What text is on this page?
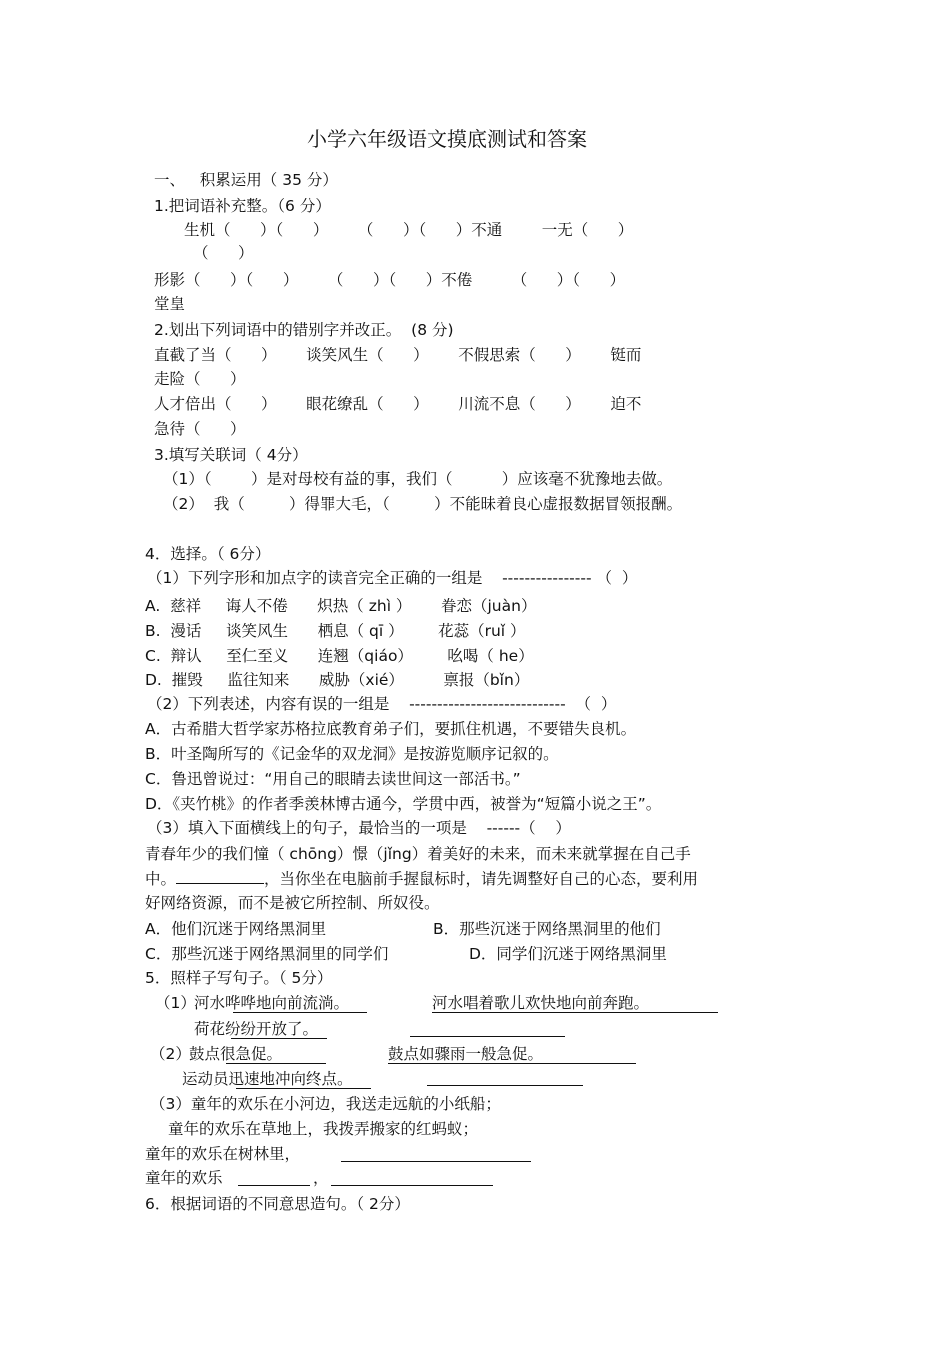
小学六年级语文摸底测试和答案
一、   积累运用（ 35 分）
1.把词语补充整。（6 分）
生机（      ）（      ）      （      ）（      ）不通        一无（      ）
（      ）
形影（      ）（      ）      （      ）（      ）不倦        （      ）（      ）
堂皇
2.划出下列词语中的错别字并改正。  (8 分)
直截了当（      ）      谈笑风生（      ）      不假思索（      ）      铤而
走险（      ）
人才倍出（      ）      眼花缭乱（      ）      川流不息（      ）      迫不
急待（      ）
3.填写关联词（ 4分）
（1）（        ）是对母校有益的事，我们（          ）应该毫不犹豫地去做。
（2）  我（         ）得罪大毛，（         ）不能昧着良心虚报数据冒领报酬。
4．选择。（ 6分）
（1）下列字形和加点字的读音完全正确的一组是    ---------------- （  ）
A.  慈祥     诲人不倦      炽热（ zhì ）      眷恋（juàn）
B.  漫话     谈笑风生      栖息（ qī ）       花蕊（ruǐ ）
C.  辩认     至仁至义      连翘（qiáo）       吆喝（ he）
D.  摧毁     监往知来      威胁（xié）        禀报（bǐn）
（2）下列表述，内容有误的一组是    ----------------------------  （  ）
A．古希腊大哲学家苏格拉底教育弟子们，要抓住机遇，不要错失良机。
B．叶圣陶所写的《记金华的双龙洞》是按游览顺序记叙的。
C．鲁迅曾说过：“用自己的眼睛去读世间这一部活书。”
D．《夹竹桃》的作者季羡林博古通今，学贯中西，被誉为“短篇小说之王”。
（3）填入下面横线上的句子，最恰当的一项是    ------（    ）
青春年少的我们憧（ chōng）憬（jǐng）着美好的未来，而未来就掌握在自己手
中。	，当你坐在电脑前手握鼠标时，请先调整好自己的心态，要利用
好网络资源，而不是被它所控制、所奴役。
A．他们沉迷于网络黑洞里	B．那些沉迷于网络黑洞里的他们
C．那些沉迷于网络黑洞里的同学们	D．同学们沉迷于网络黑洞里
5．照样子写句子。（ 5分）
（1）
河水哗哗地向前流淌。	河水唱着歌儿欢快地向前奔跑。
荷花纷纷开放了。
（2）
鼓点很急促。	鼓点如骤雨一般急促。
运动员迅速地冲向终点。
（3）童年的欢乐在小河边，我送走远航的小纸船；
童年的欢乐在草地上，我拨弄搬家的红蚂蚁；
童年的欢乐在树林里，
童年的欢乐	，
6．根据词语的不同意思造句。（ 2分）
